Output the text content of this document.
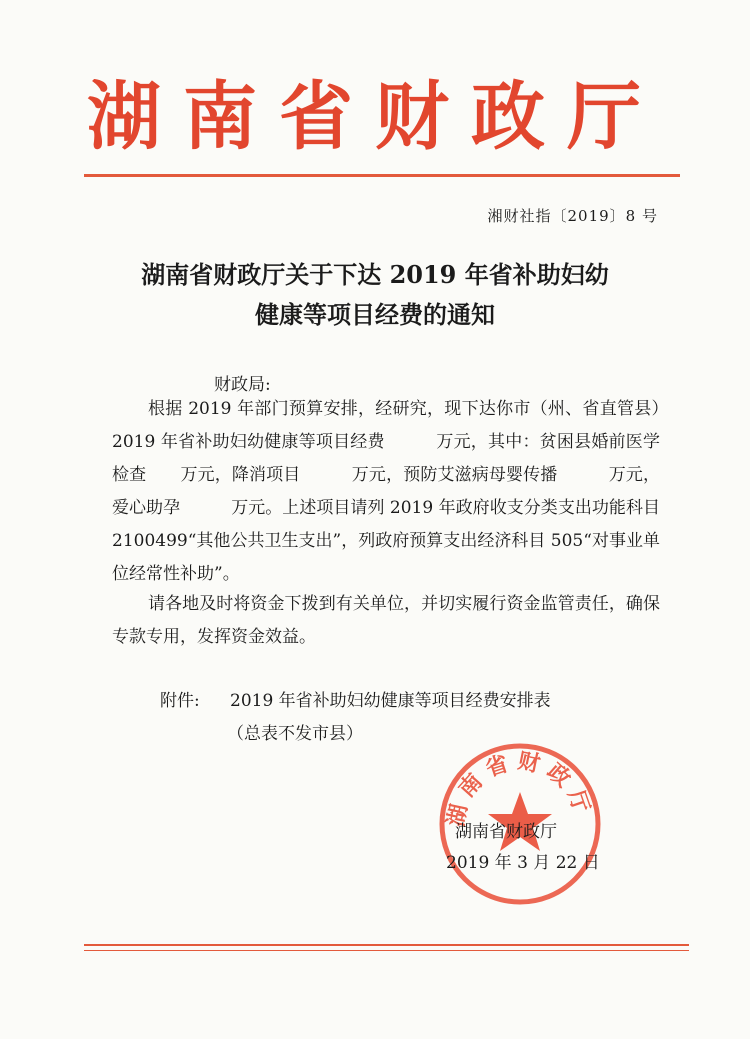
湖南省财政厅
湘财社指〔2019〕8 号
湖南省财政厅关于下达 2019 年省补助妇幼
健康等项目经费的通知
财政局:

根据 2019 年部门预算安排，经研究，现下达你市（州、省直管县）2019 年省补助妇幼健康等项目经费　　　万元，其中：贫困县婚前医学检查　　万元，降消项目　　　万元，预防艾滋病母婴传播　　　万元，爱心助孕　　　万元。上述项目请列 2019 年政府收支分类支出功能科目 2100499“其他公共卫生支出”，列政府预算支出经济科目 505“对事业单位经常性补助”。

请各地及时将资金下拨到有关单位，并切实履行资金监管责任，确保专款专用，发挥资金效益。

附件: 2019 年省补助妇幼健康等项目经费安排表
（总表不发市县）
湖南省财政厅
湖南省财政厅
2019 年 3 月 22 日
